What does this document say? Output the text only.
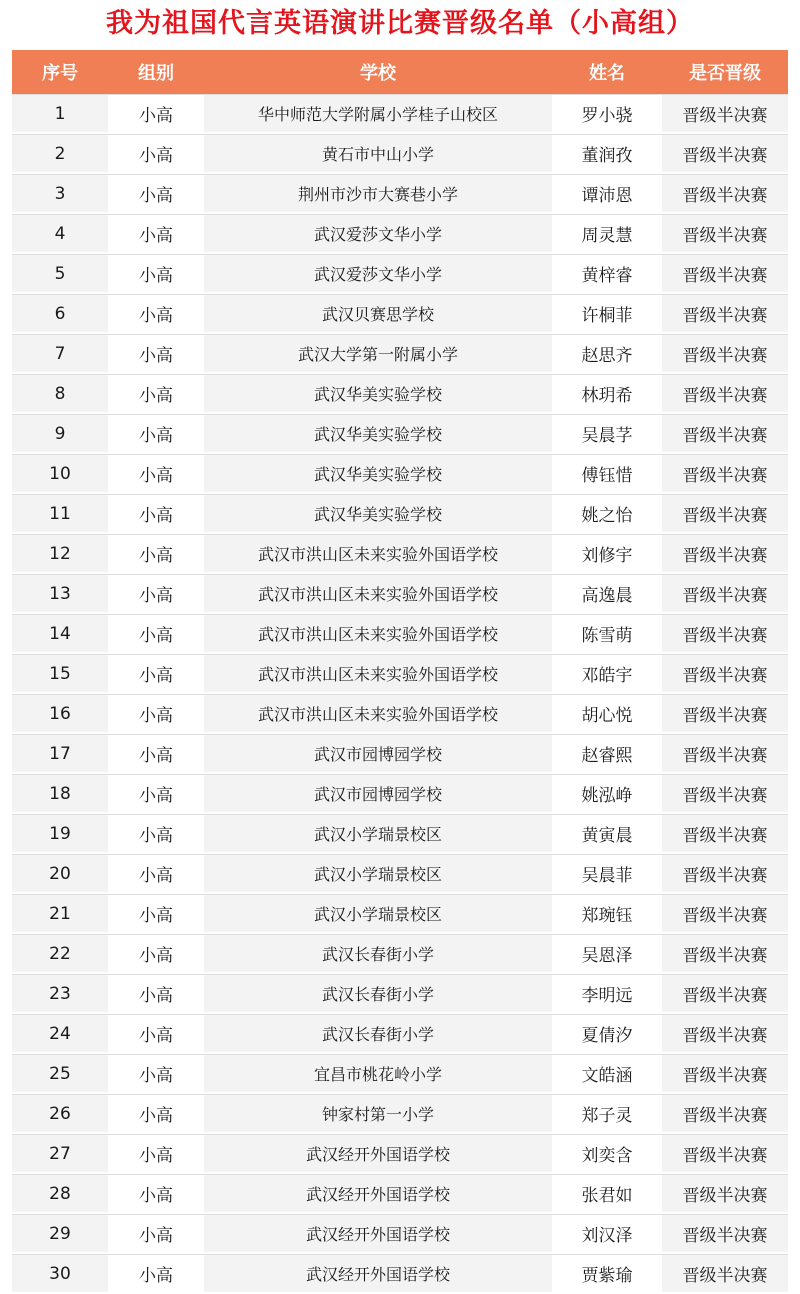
我为祖国代言英语演讲比赛晋级名单（小高组）
序号	组别	学校	姓名	是否晋级
1	小高	华中师范大学附属小学桂子山校区	罗小骁	晋级半决赛
2	小高	黄石市中山小学	董润孜	晋级半决赛
3	小高	荆州市沙市大赛巷小学	谭沛恩	晋级半决赛
4	小高	武汉爱莎文华小学	周灵慧	晋级半决赛
5	小高	武汉爱莎文华小学	黄梓睿	晋级半决赛
6	小高	武汉贝赛思学校	许桐菲	晋级半决赛
7	小高	武汉大学第一附属小学	赵思齐	晋级半决赛
8	小高	武汉华美实验学校	林玥希	晋级半决赛
9	小高	武汉华美实验学校	吴晨芓	晋级半决赛
10	小高	武汉华美实验学校	傅钰惜	晋级半决赛
11	小高	武汉华美实验学校	姚之怡	晋级半决赛
12	小高	武汉市洪山区未来实验外国语学校	刘修宇	晋级半决赛
13	小高	武汉市洪山区未来实验外国语学校	高逸晨	晋级半决赛
14	小高	武汉市洪山区未来实验外国语学校	陈雪萌	晋级半决赛
15	小高	武汉市洪山区未来实验外国语学校	邓皓宇	晋级半决赛
16	小高	武汉市洪山区未来实验外国语学校	胡心悦	晋级半决赛
17	小高	武汉市园博园学校	赵睿熙	晋级半决赛
18	小高	武汉市园博园学校	姚泓峥	晋级半决赛
19	小高	武汉小学瑞景校区	黄寅晨	晋级半决赛
20	小高	武汉小学瑞景校区	吴晨菲	晋级半决赛
21	小高	武汉小学瑞景校区	郑琬钰	晋级半决赛
22	小高	武汉长春街小学	吴恩泽	晋级半决赛
23	小高	武汉长春街小学	李明远	晋级半决赛
24	小高	武汉长春街小学	夏倩汐	晋级半决赛
25	小高	宜昌市桃花岭小学	文皓涵	晋级半决赛
26	小高	钟家村第一小学	郑子灵	晋级半决赛
27	小高	武汉经开外国语学校	刘奕含	晋级半决赛
28	小高	武汉经开外国语学校	张君如	晋级半决赛
29	小高	武汉经开外国语学校	刘汉泽	晋级半决赛
30	小高	武汉经开外国语学校	贾紫瑜	晋级半决赛
